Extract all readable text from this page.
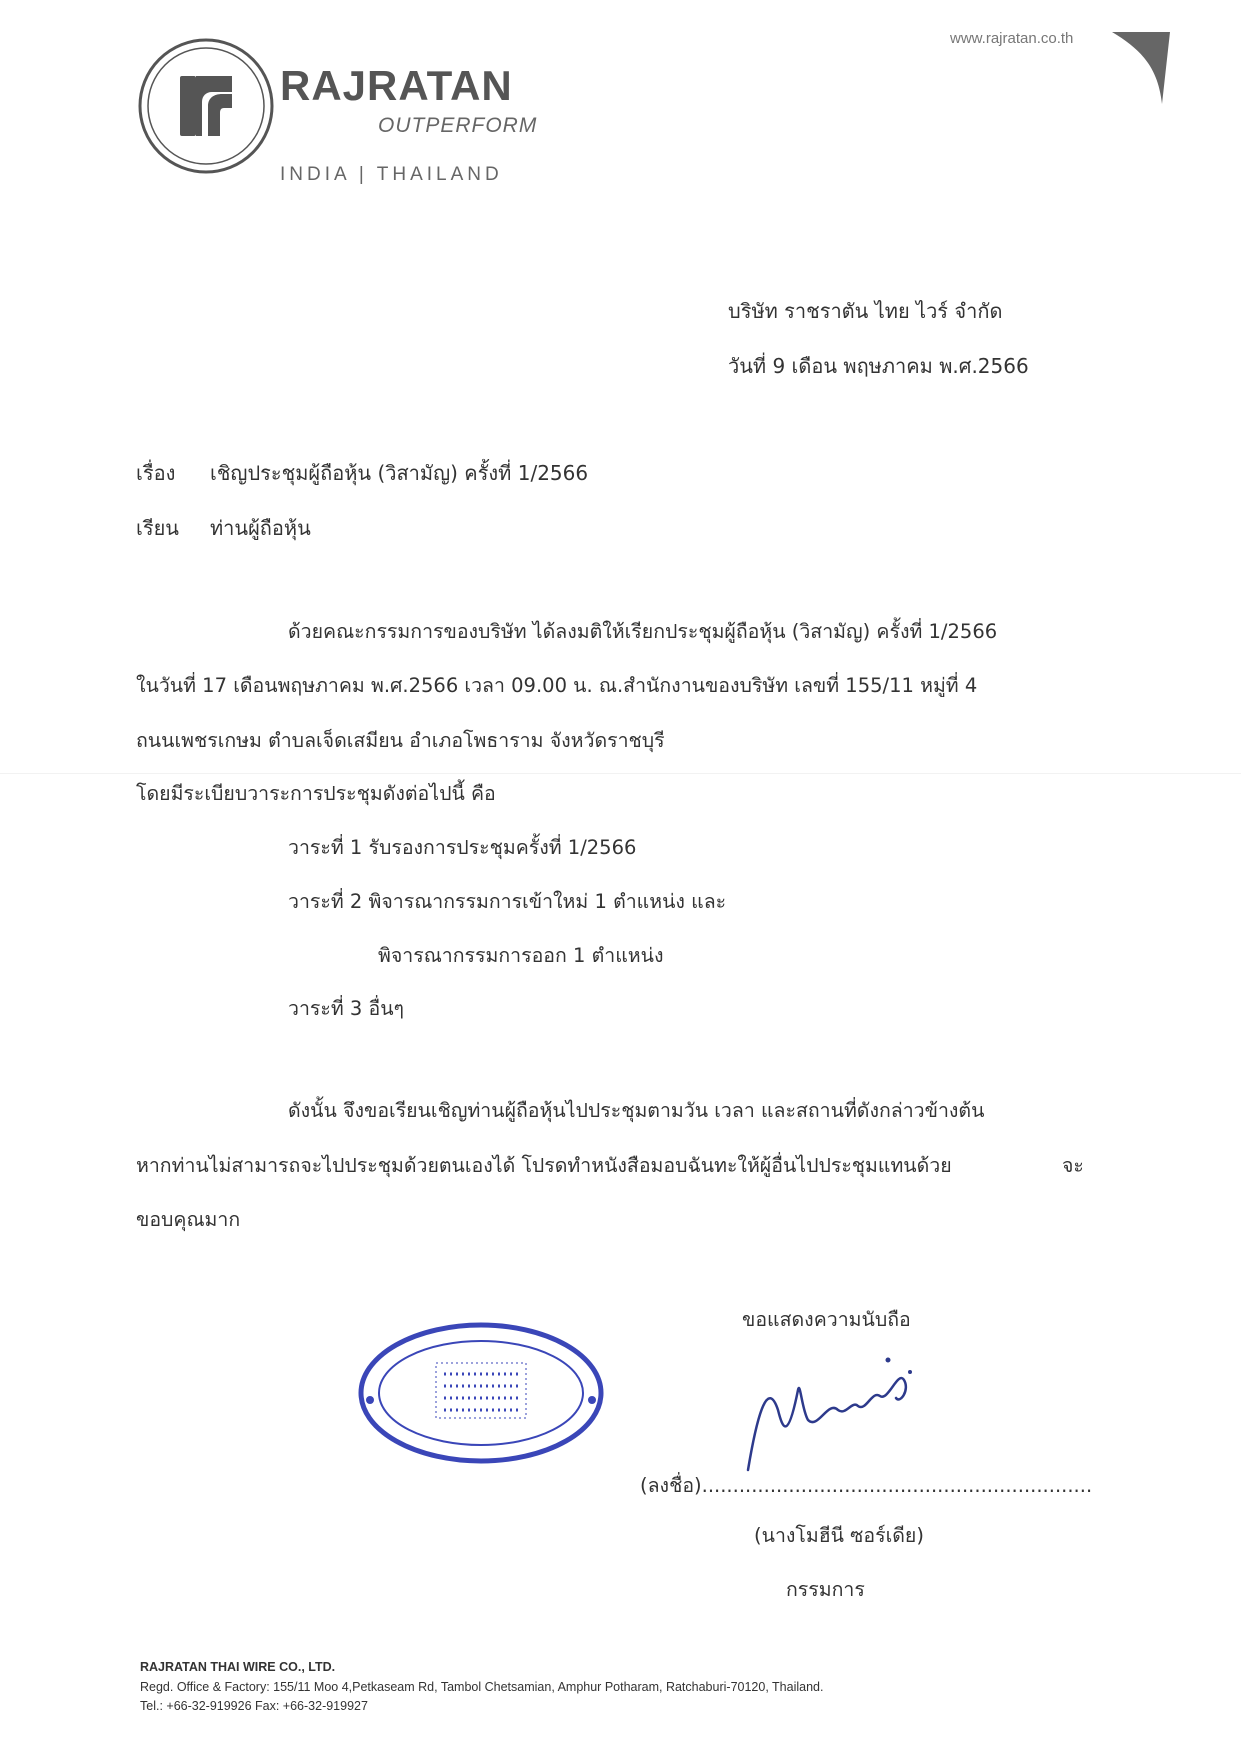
RAJRATAN
OUTPERFORM
INDIA | THAILAND
www.rajratan.co.th
บริษัท ราชราตัน ไทย ไวร์ จำกัด
วันที่ 9 เดือน พฤษภาคม พ.ศ.2566
เรื่อง เชิญประชุมผู้ถือหุ้น (วิสามัญ) ครั้งที่ 1/2566
เรียน ท่านผู้ถือหุ้น
ด้วยคณะกรรมการของบริษัท ได้ลงมติให้เรียกประชุมผู้ถือหุ้น (วิสามัญ) ครั้งที่ 1/2566
ในวันที่ 17 เดือนพฤษภาคม พ.ศ.2566 เวลา 09.00 น. ณ.สำนักงานของบริษัท เลขที่ 155/11 หมู่ที่ 4
ถนนเพชรเกษม ตำบลเจ็ดเสมียน อำเภอโพธาราม จังหวัดราชบุรี
โดยมีระเบียบวาระการประชุมดังต่อไปนี้ คือ
วาระที่ 1 รับรองการประชุมครั้งที่ 1/2566
วาระที่ 2 พิจารณากรรมการเข้าใหม่ 1 ตำแหน่ง และ
พิจารณากรรมการออก 1 ตำแหน่ง
วาระที่ 3 อื่นๆ
ดังนั้น จึงขอเรียนเชิญท่านผู้ถือหุ้นไปประชุมตามวัน เวลา และสถานที่ดังกล่าวข้างต้น
หากท่านไม่สามารถจะไปประชุมด้วยตนเองได้ โปรดทำหนังสือมอบฉันทะให้ผู้อื่นไปประชุมแทนด้วย	จะ
ขอบคุณมาก
ขอแสดงความนับถือ
(ลงชื่อ)...............................................................
(นางโมฮีนี ซอร์เดีย)
กรรมการ
RAJRATAN THAI WIRE CO., LTD.
Regd. Office & Factory: 155/11 Moo 4,Petkaseam Rd, Tambol Chetsamian, Amphur Potharam, Ratchaburi-70120, Thailand.
Tel.: +66-32-919926 Fax: +66-32-919927
